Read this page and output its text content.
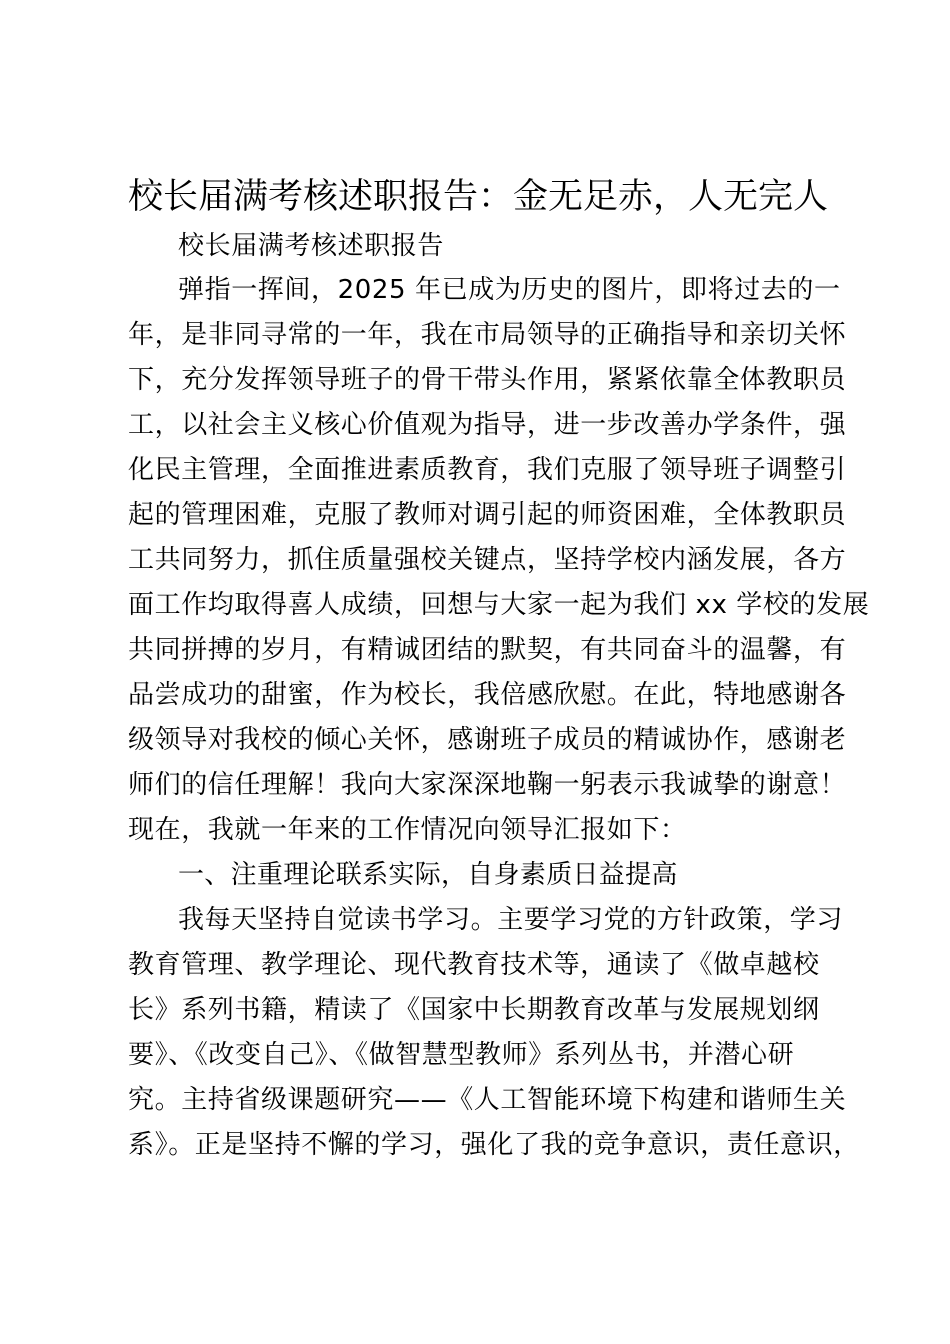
校长届满考核述职报告：金无足赤，人无完人
校长届满考核述职报告
弹指一挥间，2025 年已成为历史的图片，即将过去的一
年，是非同寻常的一年，我在市局领导的正确指导和亲切关怀
下，充分发挥领导班子的骨干带头作用，紧紧依靠全体教职员
工，以社会主义核心价值观为指导，进一步改善办学条件，强
化民主管理，全面推进素质教育，我们克服了领导班子调整引
起的管理困难，克服了教师对调引起的师资困难，全体教职员
工共同努力，抓住质量强校关键点，坚持学校内涵发展，各方
面工作均取得喜人成绩，回想与大家一起为我们 xx 学校的发展
共同拼搏的岁月，有精诚团结的默契，有共同奋斗的温馨，有
品尝成功的甜蜜，作为校长，我倍感欣慰。在此，特地感谢各
级领导对我校的倾心关怀，感谢班子成员的精诚协作，感谢老
师们的信任理解！我向大家深深地鞠一躬表示我诚挚的谢意！
现在，我就一年来的工作情况向领导汇报如下：
一、注重理论联系实际，自身素质日益提高
我每天坚持自觉读书学习。主要学习党的方针政策，学习
教育管理、教学理论、现代教育技术等，通读了《做卓越校
长》系列书籍，精读了《国家中长期教育改革与发展规划纲
要》、《改变自己》、《做智慧型教师》系列丛书，并潜心研
究。主持省级课题研究——《人工智能环境下构建和谐师生关
系》。正是坚持不懈的学习，强化了我的竞争意识，责任意识，
